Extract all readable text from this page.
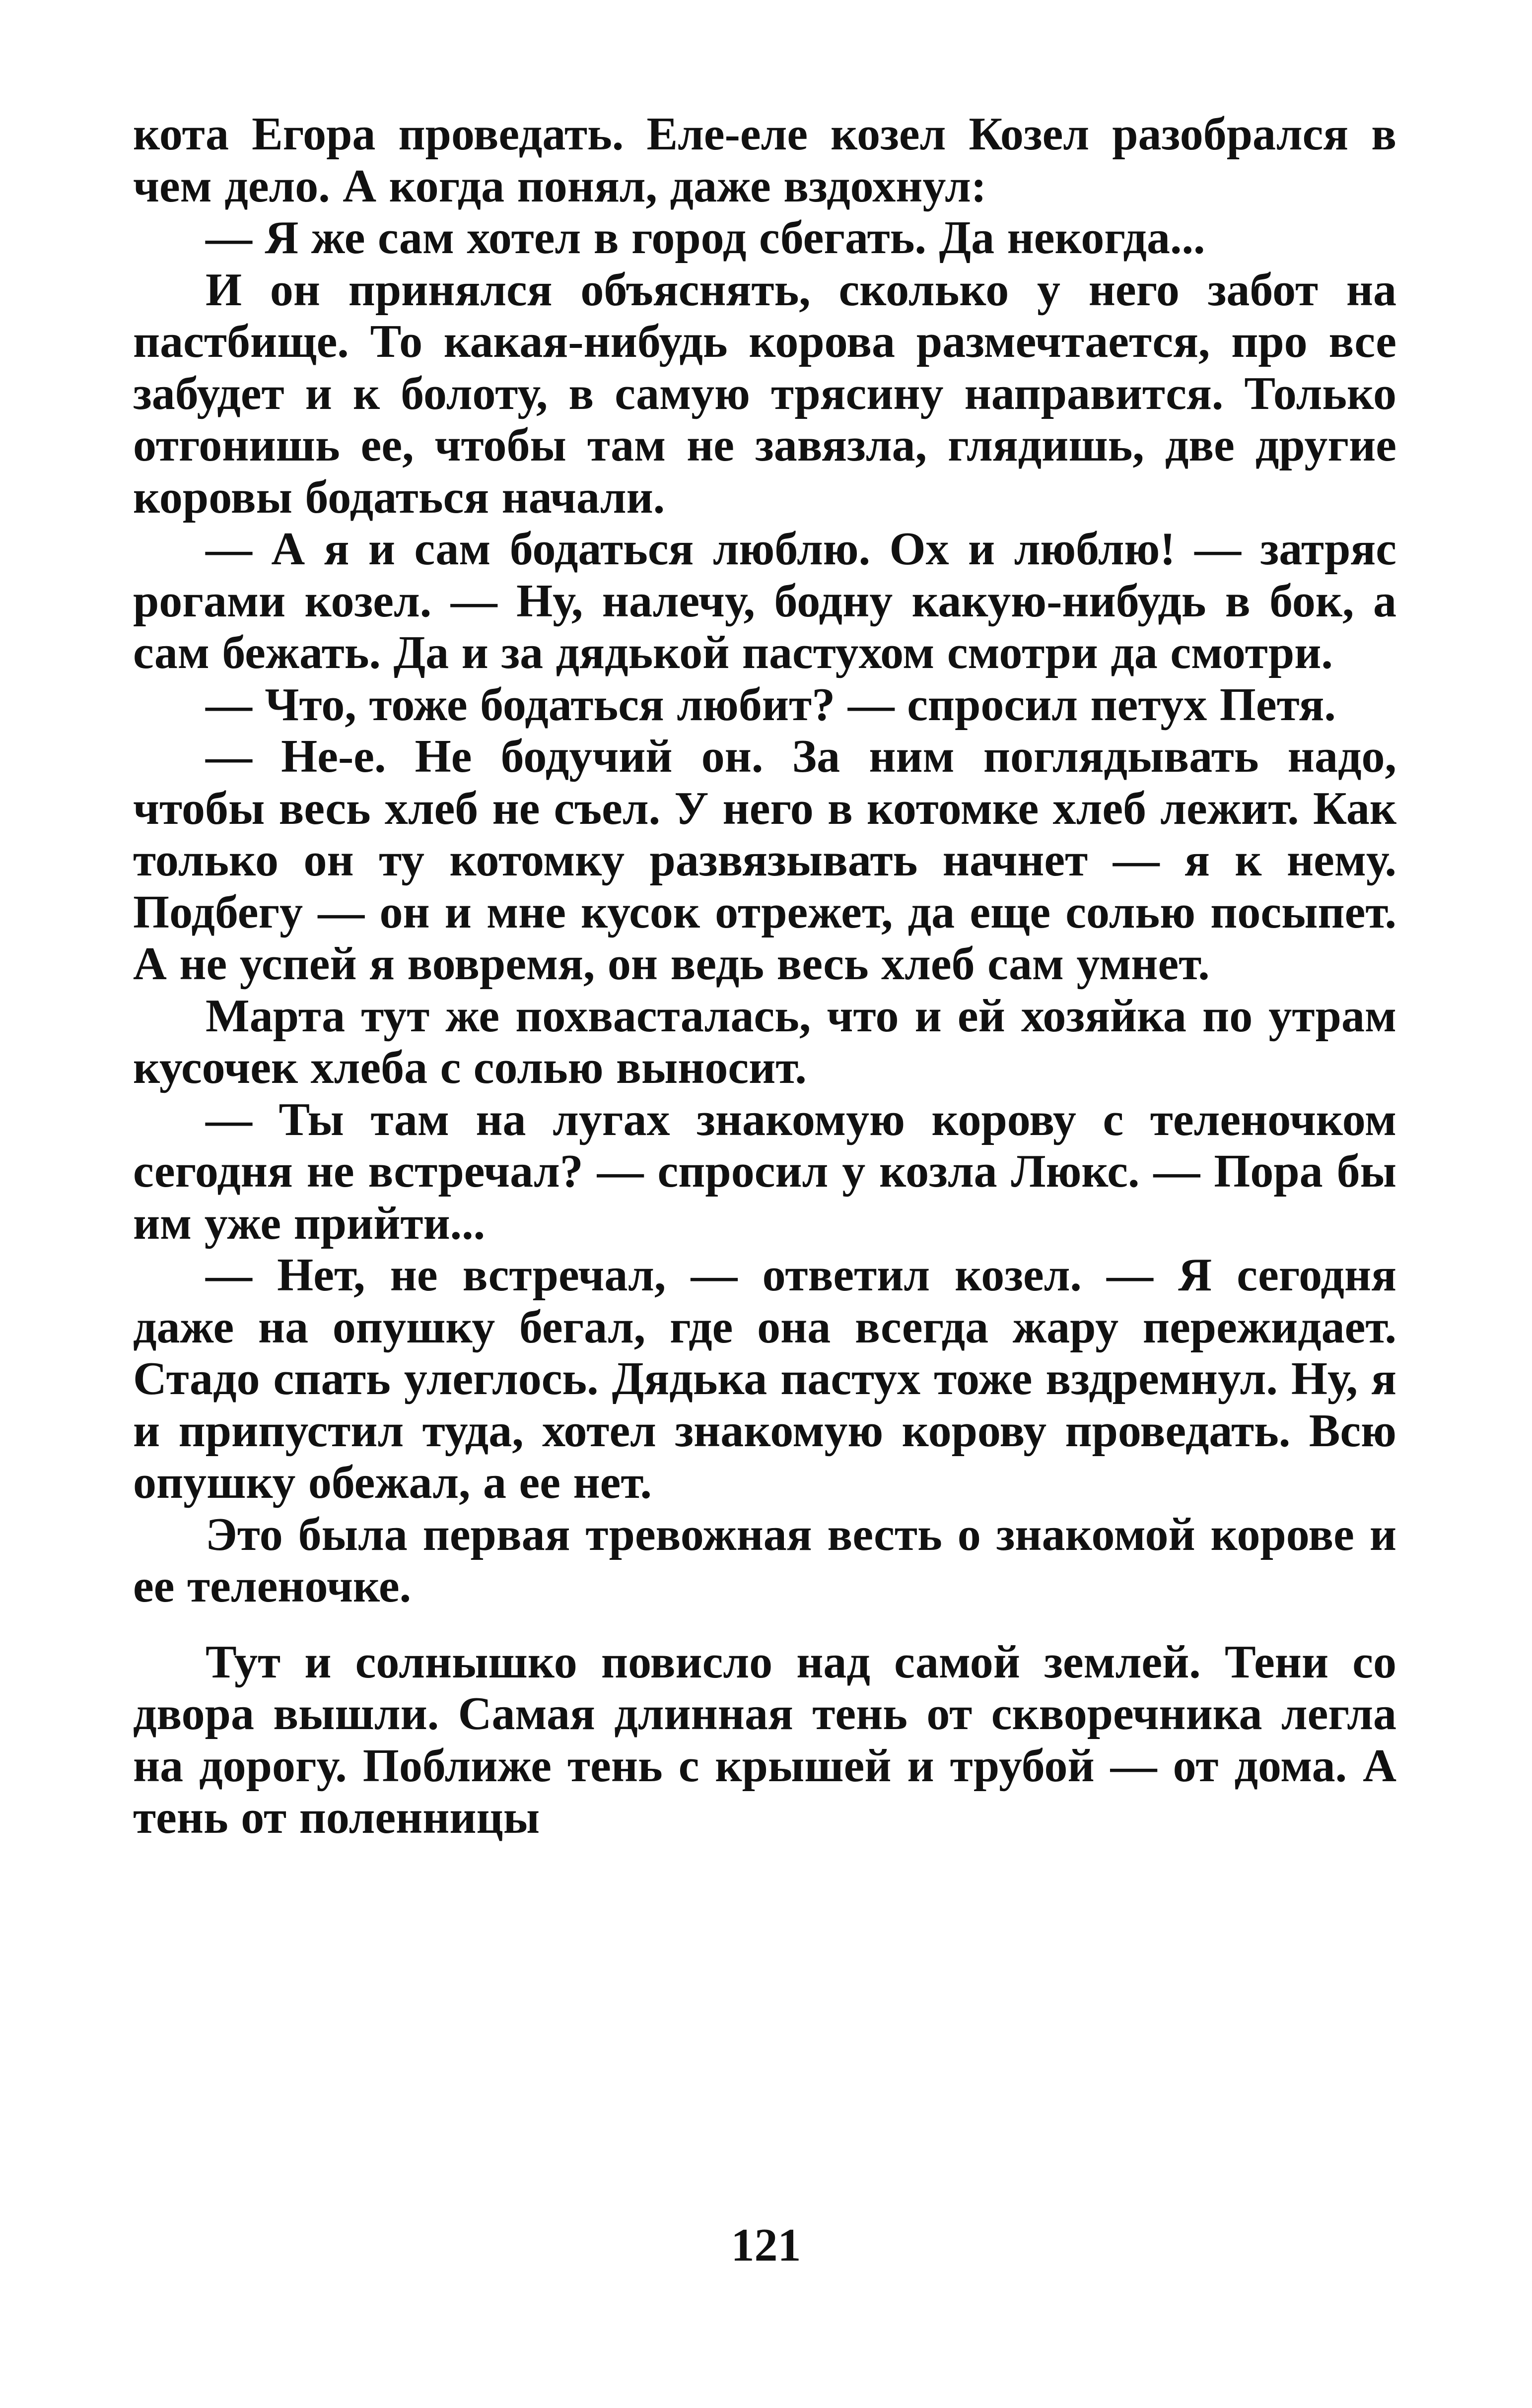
кота Егора проведать. Еле-еле козел Козел разобрался в чем дело. А когда понял, даже вздохнул:

— Я же сам хотел в город сбегать. Да некогда...

И он принялся объяснять, сколько у него забот на пастбище. То какая-нибудь корова размечтается, про все забудет и к болоту, в самую трясину направится. Только отгонишь ее, чтобы там не завязла, глядишь, две другие коровы бодаться начали.

— А я и сам бодаться люблю. Ох и люблю! — затряс рогами козел. — Ну, налечу, бодну какую-нибудь в бок, а сам бежать. Да и за дядькой пастухом смотри да смотри.

— Что, тоже бодаться любит? — спросил петух Петя.

— Не-е. Не бодучий он. За ним поглядывать надо, чтобы весь хлеб не съел. У него в котомке хлеб лежит. Как только он ту котомку развязывать начнет — я к нему. Подбегу — он и мне кусок отрежет, да еще солью посыпет. А не успей я вовремя, он ведь весь хлеб сам умнет.

Марта тут же похвасталась, что и ей хозяйка по утрам кусочек хлеба с солью выносит.

— Ты там на лугах знакомую корову с теленочком сегодня не встречал? — спросил у козла Люкс. — Пора бы им уже прийти...

— Нет, не встречал, — ответил козел. — Я сегодня даже на опушку бегал, где она всегда жару пережидает. Стадо спать улеглось. Дядька пастух тоже вздремнул. Ну, я и припустил туда, хотел знакомую корову проведать. Всю опушку обежал, а ее нет.

Это была первая тревожная весть о знакомой корове и ее теленочке.

Тут и солнышко повисло над самой землей. Тени со двора вышли. Самая длинная тень от скворечника легла на дорогу. Поближе тень с крышей и трубой — от дома. А тень от поленницы

121
